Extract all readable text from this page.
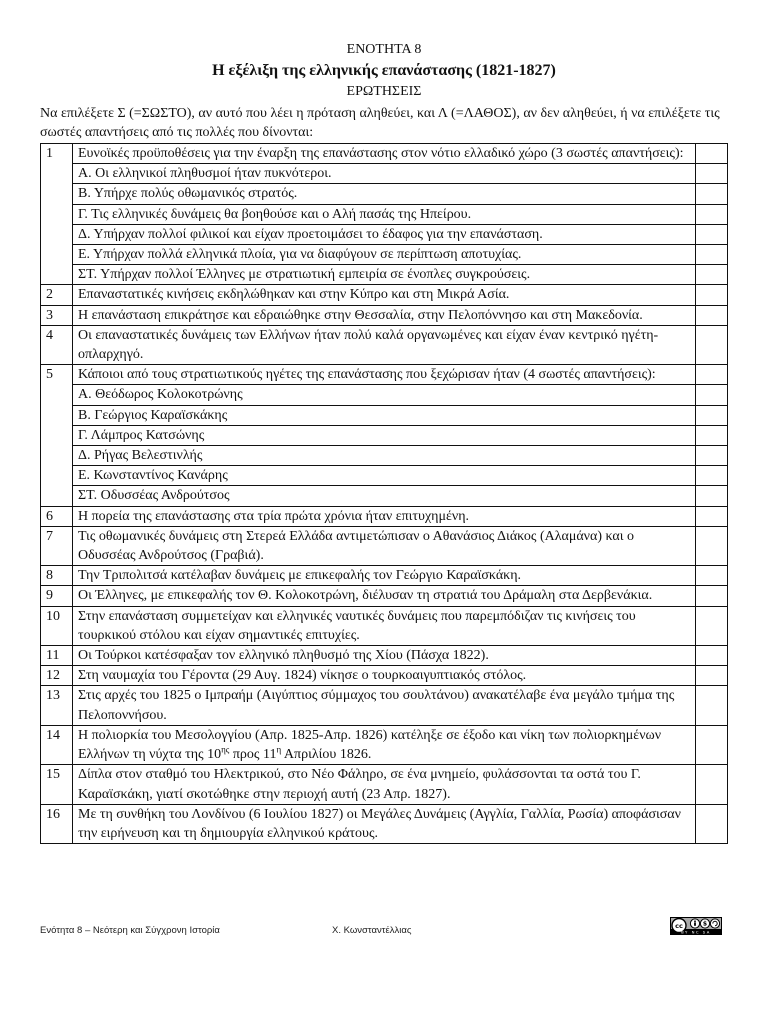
ΕΝΟΤΗΤΑ 8
Η εξέλιξη της ελληνικής επανάστασης (1821-1827)
ΕΡΩΤΗΣΕΙΣ
Να επιλέξετε Σ (=ΣΩΣΤΟ), αν αυτό που λέει η πρόταση αληθεύει, και Λ (=ΛΑΘΟΣ), αν δεν αληθεύει, ή να επιλέξετε τις σωστές απαντήσεις από τις πολλές που δίνονται:
1	Ευνοϊκές προϋποθέσεις για την έναρξη της επανάστασης στον νότιο ελλαδικό χώρο (3 σωστές απαντήσεις):	
	Α. Οι ελληνικοί πληθυσμοί ήταν πυκνότεροι.	
	Β. Υπήρχε πολύς οθωμανικός στρατός.	
	Γ. Τις ελληνικές δυνάμεις θα βοηθούσε και ο Αλή πασάς της Ηπείρου.	
	Δ. Υπήρχαν πολλοί φιλικοί και είχαν προετοιμάσει το έδαφος για την επανάσταση.	
	Ε. Υπήρχαν πολλά ελληνικά πλοία, για να διαφύγουν σε περίπτωση αποτυχίας.	
	ΣΤ. Υπήρχαν πολλοί Έλληνες με στρατιωτική εμπειρία σε ένοπλες συγκρούσεις.	
2	Επαναστατικές κινήσεις εκδηλώθηκαν και στην Κύπρο και στη Μικρά Ασία.	
3	Η επανάσταση επικράτησε και εδραιώθηκε στην Θεσσαλία, στην Πελοπόννησο και στη Μακεδονία.	
4	Οι επαναστατικές δυνάμεις των Ελλήνων ήταν πολύ καλά οργανωμένες και είχαν έναν κεντρικό ηγέτη-οπλαρχηγό.	
5	Κάποιοι από τους στρατιωτικούς ηγέτες της επανάστασης που ξεχώρισαν ήταν (4 σωστές απαντήσεις):	
	Α. Θεόδωρος Κολοκοτρώνης	
	Β. Γεώργιος Καραϊσκάκης	
	Γ. Λάμπρος Κατσώνης	
	Δ. Ρήγας Βελεστινλής	
	Ε. Κωνσταντίνος Κανάρης	
	ΣΤ. Οδυσσέας Ανδρούτσος	
6	Η πορεία της επανάστασης στα τρία πρώτα χρόνια ήταν επιτυχημένη.	
7	Τις οθωμανικές δυνάμεις στη Στερεά Ελλάδα αντιμετώπισαν ο Αθανάσιος Διάκος (Αλαμάνα) και ο Οδυσσέας Ανδρούτσος (Γραβιά).	
8	Την Τριπολιτσά κατέλαβαν δυνάμεις με επικεφαλής τον Γεώργιο Καραϊσκάκη.	
9	Οι Έλληνες, με επικεφαλής τον Θ. Κολοκοτρώνη, διέλυσαν τη στρατιά του Δράμαλη στα Δερβενάκια.	
10	Στην επανάσταση συμμετείχαν και ελληνικές ναυτικές δυνάμεις που παρεμπόδιζαν τις κινήσεις του τουρκικού στόλου και είχαν σημαντικές επιτυχίες.	
11	Οι Τούρκοι κατέσφαξαν τον ελληνικό πληθυσμό της Χίου (Πάσχα 1822).	
12	Στη ναυμαχία του Γέροντα (29 Αυγ. 1824) νίκησε ο τουρκοαιγυπτιακός στόλος.	
13	Στις αρχές του 1825 ο Ιμπραήμ (Αιγύπτιος σύμμαχος του σουλτάνου) ανακατέλαβε ένα μεγάλο τμήμα της Πελοποννήσου.	
14	Η πολιορκία του Μεσολογγίου (Απρ. 1825-Απρ. 1826) κατέληξε σε έξοδο και νίκη των πολιορκημένων Ελλήνων τη νύχτα της $10^{\eta\varsigma}$ προς $11^\eta$ Απριλίου 1826.	
15	Δίπλα στον σταθμό του Ηλεκτρικού, στο Νέο Φάληρο, σε ένα μνημείο, φυλάσσονται τα οστά του Γ. Καραϊσκάκη, γιατί σκοτώθηκε στην περιοχή αυτή (23 Απρ. 1827).	
16	Με τη συνθήκη του Λονδίνου (6 Ιουλίου 1827) οι Μεγάλες Δυνάμεις (Αγγλία, Γαλλία, Ρωσία) αποφάσισαν την ειρήνευση και τη δημιουργία ελληνικού κράτους.	
Ενότητα 8 – Νεότερη και Σύγχρονη Ιστορία	Χ. Κωνσταντέλλιας	cc	$
BY NC SA
